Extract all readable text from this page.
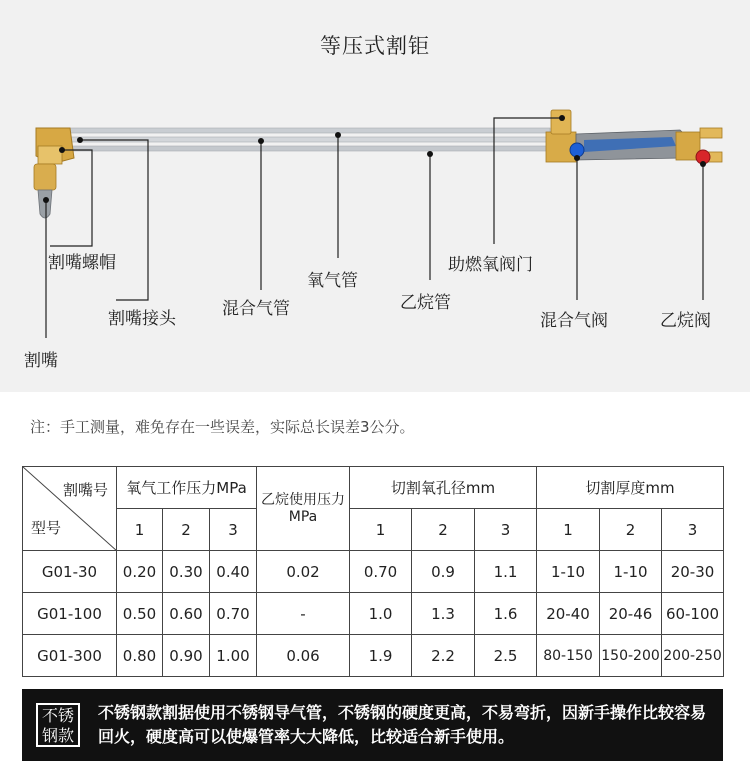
等压式割钜
割嘴螺帽
割嘴接头
割嘴
混合气管
氧气管
乙烷管
助燃氧阀门
混合气阀	乙烷阀
注：手工测量，难免存在一些误差，实际总长误差3公分。
割嘴号
型号	氧气工作压力MPa			乙烷使用压力MPa	切割氧孔径mm			切割厚度mm		
	1	2	3		1	2	3	1	2	3
G01-30	0.20	0.30	0.40	0.02	0.70	0.9	1.1	1-10	1-10	20-30
G01-100	0.50	0.60	0.70	-	1.0	1.3	1.6	20-40	20-46	60-100
G01-300	0.80	0.90	1.00	0.06	1.9	2.2	2.5	80-150	150-200	200-250
不锈
钢款
不锈钢款割据使用不锈钢导气管，不锈钢的硬度更高，不易弯折，因新手操作比较容易回火，硬度高可以使爆管率大大降低，比较适合新手使用。
